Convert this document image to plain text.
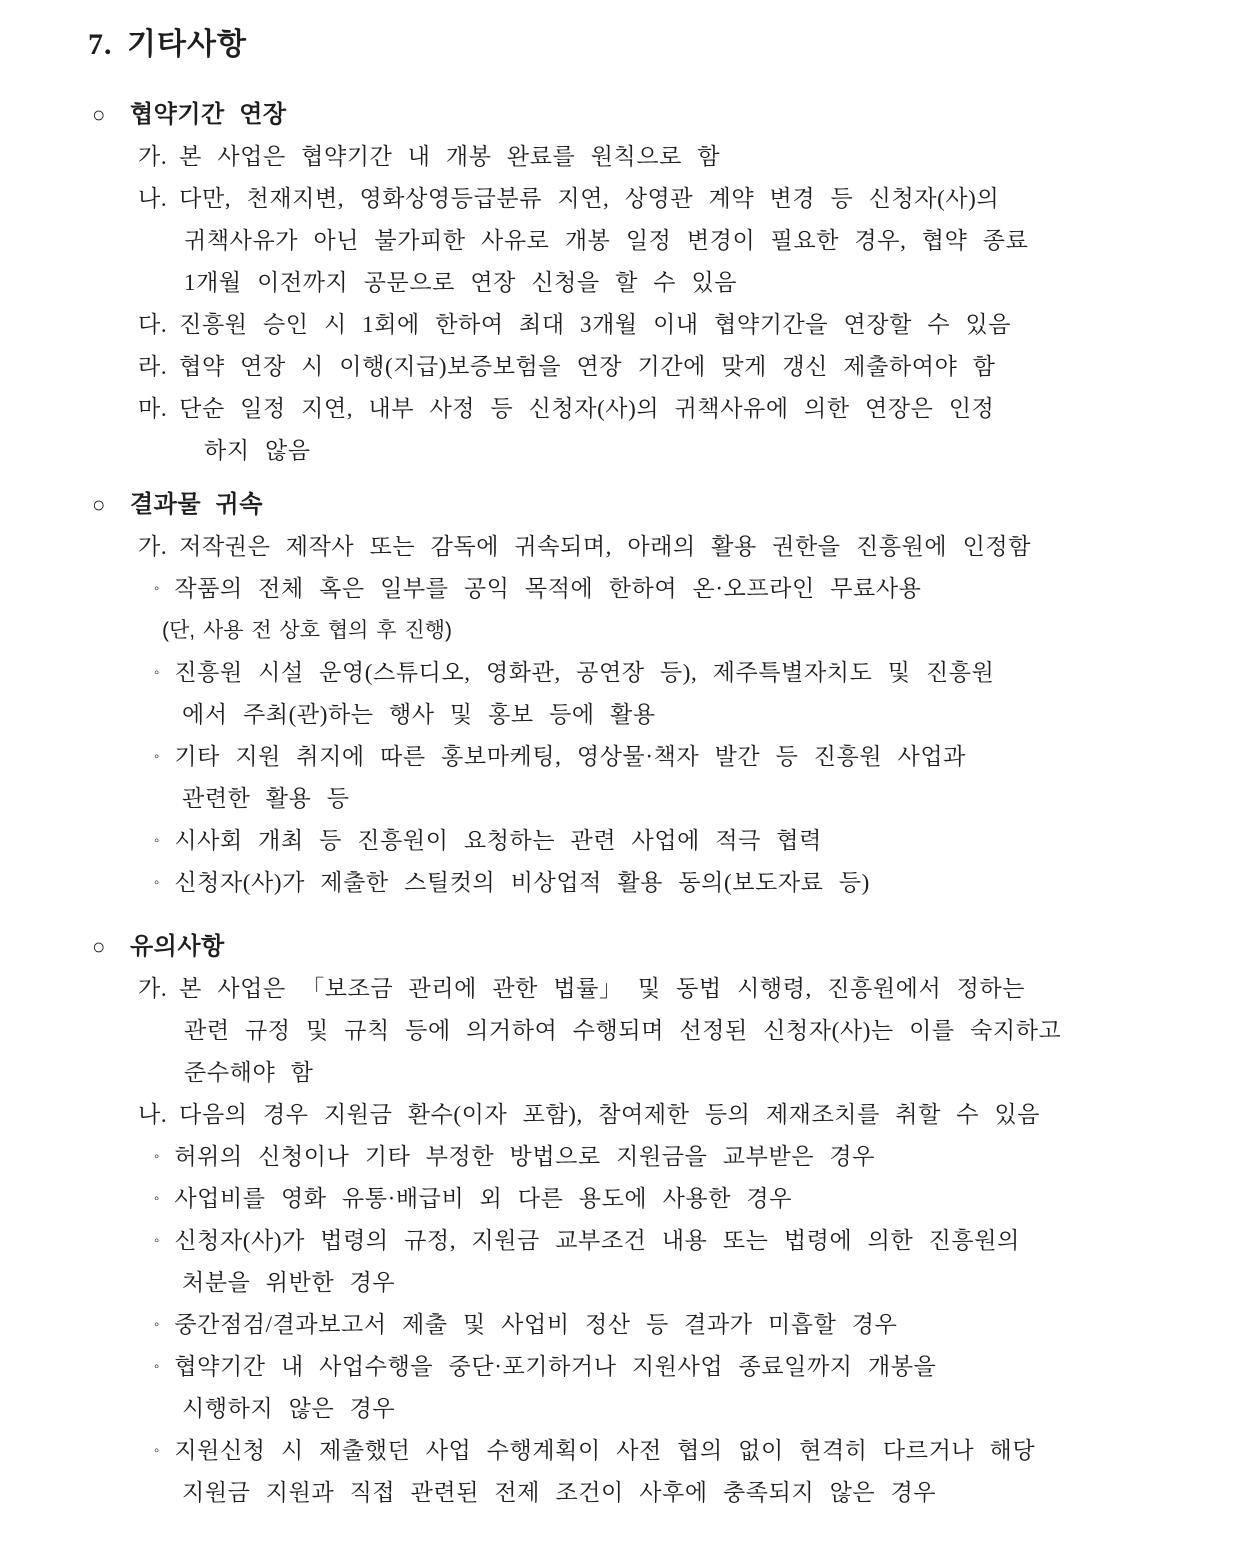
7. 기타사항
○ 협약기간 연장
가. 본 사업은 협약기간 내 개봉 완료를 원칙으로 함
나. 다만, 천재지변, 영화상영등급분류 지연, 상영관 계약 변경 등 신청자(사)의
귀책사유가 아닌 불가피한 사유로 개봉 일정 변경이 필요한 경우, 협약 종료
1개월 이전까지 공문으로 연장 신청을 할 수 있음
다. 진흥원 승인 시 1회에 한하여 최대 3개월 이내 협약기간을 연장할 수 있음
라. 협약 연장 시 이행(지급)보증보험을 연장 기간에 맞게 갱신 제출하여야 함
마. 단순 일정 지연, 내부 사정 등 신청자(사)의 귀책사유에 의한 연장은 인정
하지 않음
○ 결과물 귀속
가. 저작권은 제작사 또는 감독에 귀속되며, 아래의 활용 권한을 진흥원에 인정함
◦ 작품의 전체 혹은 일부를 공익 목적에 한하여 온·오프라인 무료사용
(단, 사용 전 상호 협의 후 진행)
◦ 진흥원 시설 운영(스튜디오, 영화관, 공연장 등), 제주특별자치도 및 진흥원
에서 주최(관)하는 행사 및 홍보 등에 활용
◦ 기타 지원 취지에 따른 홍보마케팅, 영상물·책자 발간 등 진흥원 사업과
관련한 활용 등
◦ 시사회 개최 등 진흥원이 요청하는 관련 사업에 적극 협력
◦ 신청자(사)가 제출한 스틸컷의 비상업적 활용 동의(보도자료 등)
○ 유의사항
가. 본 사업은 「보조금 관리에 관한 법률」 및 동법 시행령, 진흥원에서 정하는
관련 규정 및 규칙 등에 의거하여 수행되며 선정된 신청자(사)는 이를 숙지하고
준수해야 함
나. 다음의 경우 지원금 환수(이자 포함), 참여제한 등의 제재조치를 취할 수 있음
◦ 허위의 신청이나 기타 부정한 방법으로 지원금을 교부받은 경우
◦ 사업비를 영화 유통·배급비 외 다른 용도에 사용한 경우
◦ 신청자(사)가 법령의 규정, 지원금 교부조건 내용 또는 법령에 의한 진흥원의
처분을 위반한 경우
◦ 중간점검/결과보고서 제출 및 사업비 정산 등 결과가 미흡할 경우
◦ 협약기간 내 사업수행을 중단·포기하거나 지원사업 종료일까지 개봉을
시행하지 않은 경우
◦ 지원신청 시 제출했던 사업 수행계획이 사전 협의 없이 현격히 다르거나 해당
지원금 지원과 직접 관련된 전제 조건이 사후에 충족되지 않은 경우
